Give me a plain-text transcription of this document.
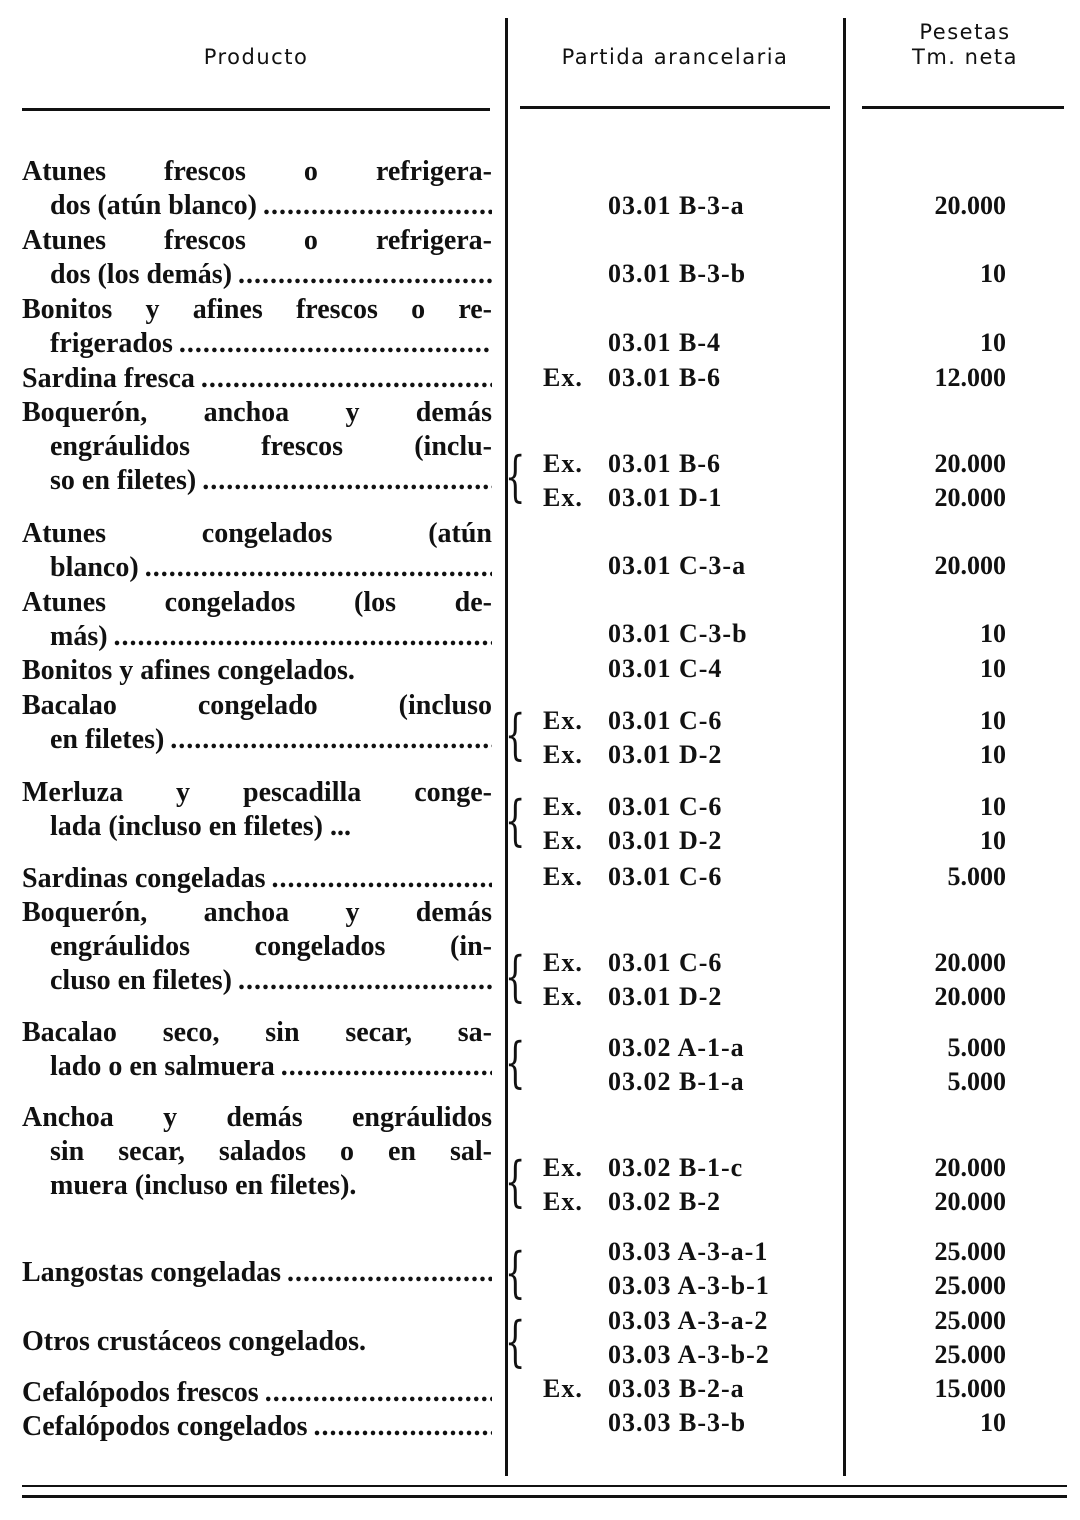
Producto	Partida arancelaria
Pesetas
Tm. neta
Atunes frescos o refrigera-
dos (atún blanco) .....	03.01 B-3-a	20.000
Atunes frescos o refrigera-
dos (los demás) .....	03.01 B-3-b	10
Bonitos y afines frescos o re-
frigerados .....	03.01 B-4	10
Sardina fresca .....	Ex. 03.01 B-6	12.000
Boquerón, anchoa y demás
engráulidos frescos (inclu-
so en filetes) .....	{ Ex. 03.01 B-6	20.000
Ex. 03.01 D-1	20.000
Atunes congelados (atún
blanco) .....	03.01 C-3-a	20.000
Atunes congelados (los de-
más) .....	03.01 C-3-b	10
Bonitos y afines congelados.	03.01 C-4	10
Bacalao congelado (incluso
en filetes) .....	{ Ex. 03.01 C-6	10
Ex. 03.01 D-2	10
Merluza y pescadilla conge-
lada (incluso en filetes) ...	{ Ex. 03.01 C-6	10
Ex. 03.01 D-2	10
Sardinas congeladas .....	Ex. 03.01 C-6	5.000
Boquerón, anchoa y demás
engráulidos congelados (in-
cluso en filetes) .....	{ Ex. 03.01 C-6	20.000
Ex. 03.01 D-2	20.000
Bacalao seco, sin secar, sa-
lado o en salmuera .....	{	03.02 A-1-a	5.000
03.02 B-1-a	5.000
Anchoa y demás engráulidos
sin secar, salados o en sal-
muera (incluso en filetes).	{ Ex. 03.02 B-1-c	20.000
Ex. 03.02 B-2	20.000
Langostas congeladas .....	{	03.03 A-3-a-1	25.000
03.03 A-3-b-1	25.000
Otros crustáceos congelados.	{	03.03 A-3-a-2	25.000
03.03 A-3-b-2	25.000
Cefalópodos frescos .....	Ex. 03.03 B-2-a	15.000
Cefalópodos congelados .....	03.03 B-3-b	10
